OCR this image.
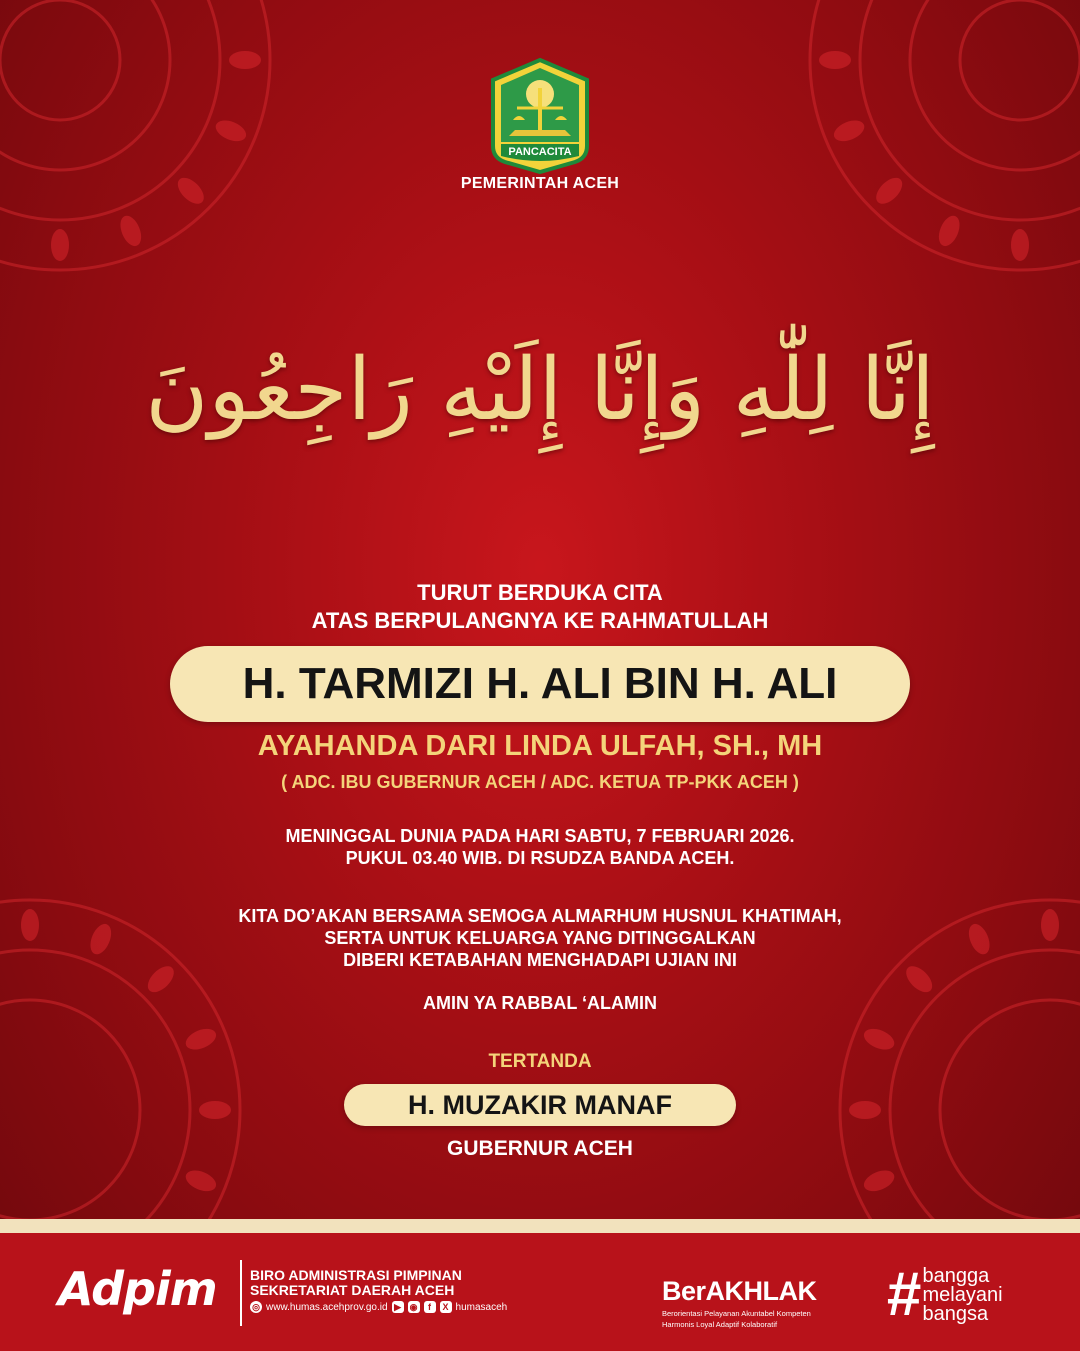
PANCACITA
PEMERINTAH ACEH
إِنَّا لِلّٰهِ وَإِنَّا إِلَيْهِ رَاجِعُونَ
TURUT BERDUKA CITA
ATAS BERPULANGNYA KE RAHMATULLAH
H. TARMIZI H. ALI BIN H. ALI
AYAHANDA DARI LINDA ULFAH, SH., MH
( ADC. IBU GUBERNUR ACEH / ADC. KETUA TP-PKK ACEH )
MENINGGAL DUNIA PADA HARI SABTU, 7 FEBRUARI 2026.
PUKUL 03.40 WIB. DI RSUDZA BANDA ACEH.
KITA DO’AKAN BERSAMA SEMOGA ALMARHUM HUSNUL KHATIMAH,
SERTA UNTUK KELUARGA YANG DITINGGALKAN
DIBERI KETABAHAN MENGHADAPI UJIAN INI
AMIN YA RABBAL ‘ALAMIN
TERTANDA
H. MUZAKIR MANAF
GUBERNUR ACEH
Adpim BIRO ADMINISTRASI PIMPINAN
SEKRETARIAT DAERAH ACEH
◎ www.humas.acehprov.go.id ▶ ◉	f	X humasaceh
BerAKHLAK
Berorientasi Pelayanan Akuntabel Kompeten
Harmonis Loyal Adaptif Kolaboratif	# bangga
melayani
bangsa
